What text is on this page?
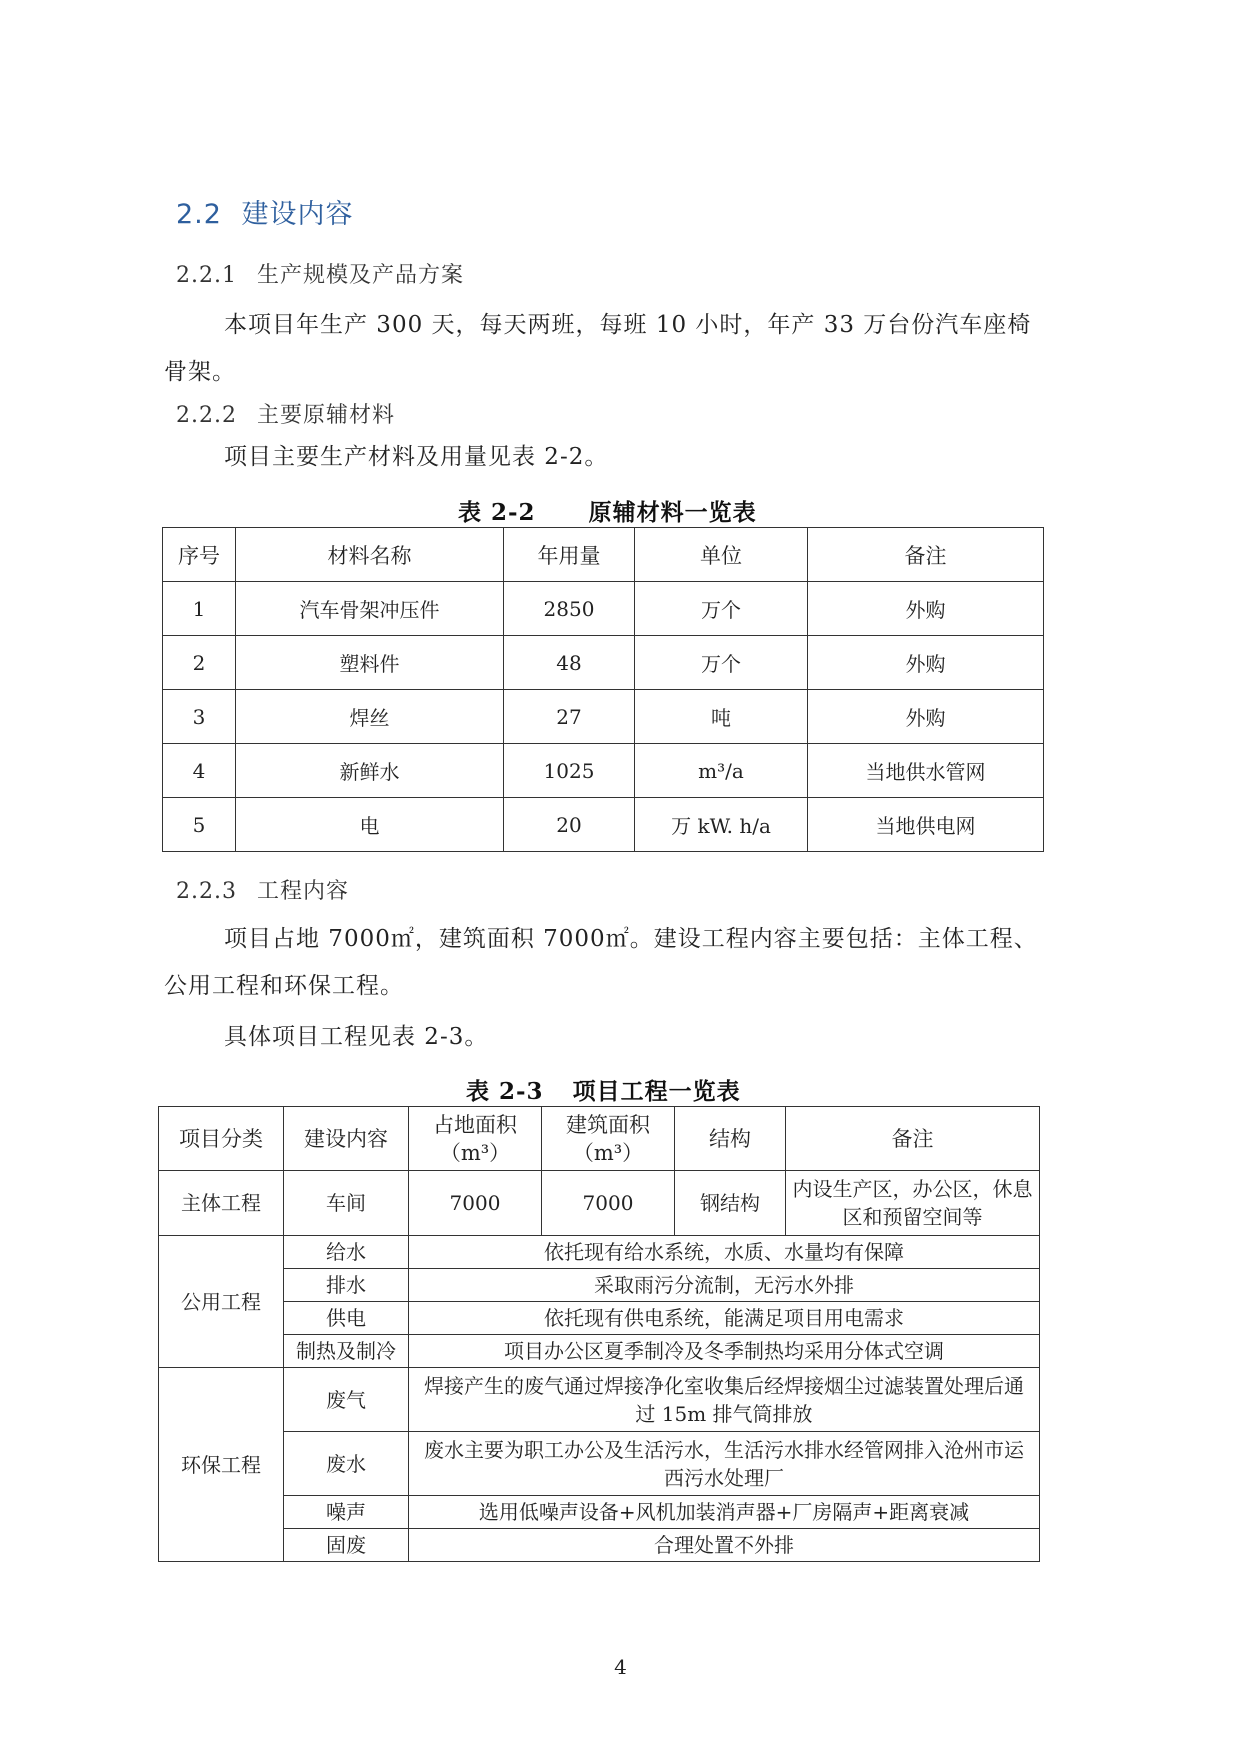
2.2 建设内容
2.2.1 生产规模及产品方案
本项目年生产 300 天，每天两班，每班 10 小时，年产 33 万台份汽车座椅骨架。
2.2.2 主要原辅材料
项目主要生产材料及用量见表 2-2。
表 2-2 原辅材料一览表
序号	材料名称	年用量	单位	备注
1	汽车骨架冲压件	2850	万个	外购
2	塑料件	48	万个	外购
3	焊丝	27	吨	外购
4	新鲜水	1025	m³/a	当地供水管网
5	电	20	万 kW. h/a	当地供电网
2.2.3 工程内容
项目占地 7000㎡，建筑面积 7000㎡。建设工程内容主要包括：主体工程、公用工程和环保工程。
具体项目工程见表 2-3。
表 2-3 项目工程一览表
项目分类	建设内容	占地面积（m³）	建筑面积（m³）	结构	备注
主体工程	车间	7000	7000	钢结构	内设生产区，办公区，休息区和预留空间等
公用工程	给水	依托现有给水系统，水质、水量均有保障			
	排水	采取雨污分流制，无污水外排			
	供电	依托现有供电系统，能满足项目用电需求			
	制热及制冷	项目办公区夏季制冷及冬季制热均采用分体式空调			
环保工程	废气	焊接产生的废气通过焊接净化室收集后经焊接烟尘过滤装置处理后通过 15m 排气筒排放			
	废水	废水主要为职工办公及生活污水，生活污水排水经管网排入沧州市运西污水处理厂			
	噪声	选用低噪声设备+风机加装消声器+厂房隔声+距离衰减			
	固废	合理处置不外排			
4
